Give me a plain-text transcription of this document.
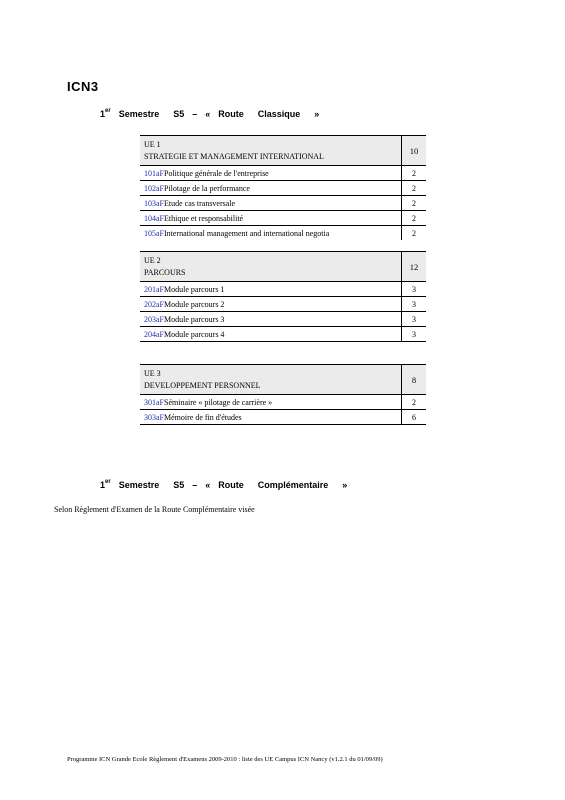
ICN3
1er Semestre S5 – « Route Classique »
UE 1
STRATEGIE ET MANAGEMENT INTERNATIONAL	10
101aFPolitique générale de l'entreprise	2
102aFPilotage de la performance	2
103aFEtude cas transversale	2
104aFEthique et responsabilité	2
105aFInternational management and international negotia	2
UE 2
PARCOURS	12
201aFModule parcours 1	3
202aFModule parcours 2	3
203aFModule parcours 3	3
204aFModule parcours 4	3
UE 3
DEVELOPPEMENT PERSONNEL	8
301aFSéminaire « pilotage de carrière »	2
303aFMémoire de fin d'études	6
1er Semestre S5 – « Route Complémentaire »
Selon Règlement d'Examen de la Route Complémentaire visée
Programme ICN Grande Ecole Règlement d'Examens 2009-2010 : liste des UE Campus ICN Nancy (v1.2.1 du 01/09/09)
